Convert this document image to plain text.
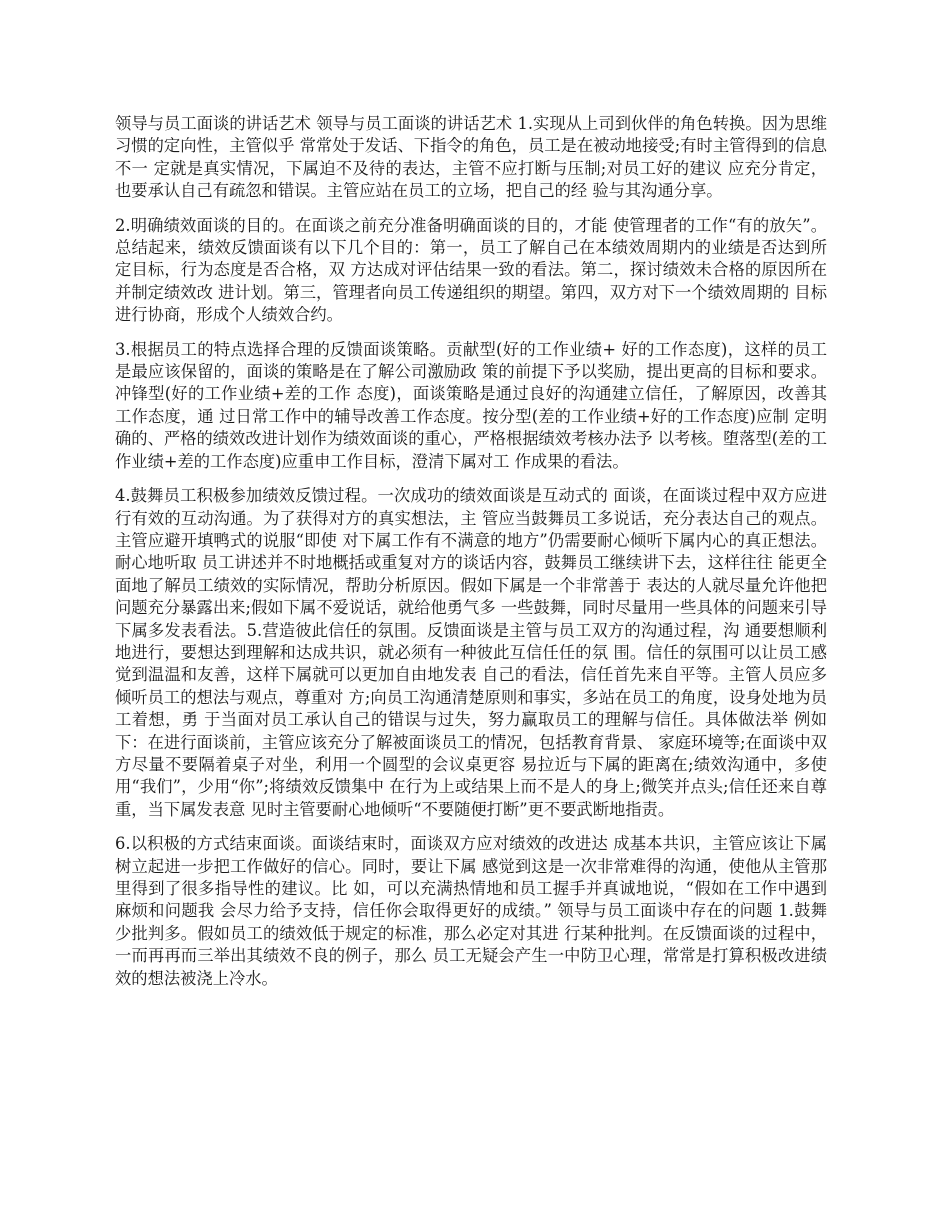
领导与员工面谈的讲话艺术 领导与员工面谈的讲话艺术 1.实现从上司到伙伴的角色转换。因为思维习惯的定向性，主管似乎 常常处于发话、下指令的角色，员工是在被动地接受;有时主管得到的信息不一 定就是真实情况，下属迫不及待的表达，主管不应打断与压制;对员工好的建议 应充分肯定，也要承认自己有疏忽和错误。主管应站在员工的立场，把自己的经 验与其沟通分享。

2.明确绩效面谈的目的。在面谈之前充分准备明确面谈的目的，才能 使管理者的工作“有的放矢”。总结起来，绩效反馈面谈有以下几个目的：第一，员工了解自己在本绩效周期内的业绩是否达到所定目标，行为态度是否合格，双 方达成对评估结果一致的看法。第二，探讨绩效未合格的原因所在并制定绩效改 进计划。第三，管理者向员工传递组织的期望。第四，双方对下一个绩效周期的 目标进行协商，形成个人绩效合约。

3.根据员工的特点选择合理的反馈面谈策略。贡献型(好的工作业绩+ 好的工作态度)，这样的员工是最应该保留的，面谈的策略是在了解公司激励政 策的前提下予以奖励，提出更高的目标和要求。冲锋型(好的工作业绩+差的工作 态度)，面谈策略是通过良好的沟通建立信任，了解原因，改善其工作态度，通 过日常工作中的辅导改善工作态度。按分型(差的工作业绩+好的工作态度)应制 定明确的、严格的绩效改进计划作为绩效面谈的重心，严格根据绩效考核办法予 以考核。堕落型(差的工作业绩+差的工作态度)应重申工作目标，澄清下属对工 作成果的看法。

4.鼓舞员工积极参加绩效反馈过程。一次成功的绩效面谈是互动式的 面谈，在面谈过程中双方应进行有效的互动沟通。为了获得对方的真实想法，主 管应当鼓舞员工多说话，充分表达自己的观点。主管应避开填鸭式的说服“即使 对下属工作有不满意的地方”仍需要耐心倾听下属内心的真正想法。耐心地听取 员工讲述并不时地概括或重复对方的谈话内容，鼓舞员工继续讲下去，这样往往 能更全面地了解员工绩效的实际情况，帮助分析原因。假如下属是一个非常善于 表达的人就尽量允许他把问题充分暴露出来;假如下属不爱说话，就给他勇气多 一些鼓舞，同时尽量用一些具体的问题来引导下属多发表看法。5.营造彼此信任的氛围。反馈面谈是主管与员工双方的沟通过程，沟 通要想顺利地进行，要想达到理解和达成共识，就必须有一种彼此互信任任的氛 围。信任的氛围可以让员工感觉到温温和友善，这样下属就可以更加自由地发表 自己的看法，信任首先来自平等。主管人员应多倾听员工的想法与观点，尊重对 方;向员工沟通清楚原则和事实，多站在员工的角度，设身处地为员工着想，勇 于当面对员工承认自己的错误与过失，努力赢取员工的理解与信任。具体做法举 例如下：在进行面谈前，主管应该充分了解被面谈员工的情况，包括教育背景、 家庭环境等;在面谈中双方尽量不要隔着桌子对坐，利用一个圆型的会议桌更容 易拉近与下属的距离在;绩效沟通中，多使用“我们”，少用“你”;将绩效反馈集中 在行为上或结果上而不是人的身上;微笑并点头;信任还来自尊重，当下属发表意 见时主管要耐心地倾听“不要随便打断”更不要武断地指责。

6.以积极的方式结束面谈。面谈结束时，面谈双方应对绩效的改进达 成基本共识，主管应该让下属树立起进一步把工作做好的信心。同时，要让下属 感觉到这是一次非常难得的沟通，使他从主管那里得到了很多指导性的建议。比 如，可以充满热情地和员工握手并真诚地说，“假如在工作中遇到麻烦和问题我 会尽力给予支持，信任你会取得更好的成绩。” 领导与员工面谈中存在的问题 1.鼓舞少批判多。假如员工的绩效低于规定的标准，那么必定对其进 行某种批判。在反馈面谈的过程中，一而再再而三举出其绩效不良的例子，那么 员工无疑会产生一中防卫心理，常常是打算积极改进绩效的想法被浇上冷水。
